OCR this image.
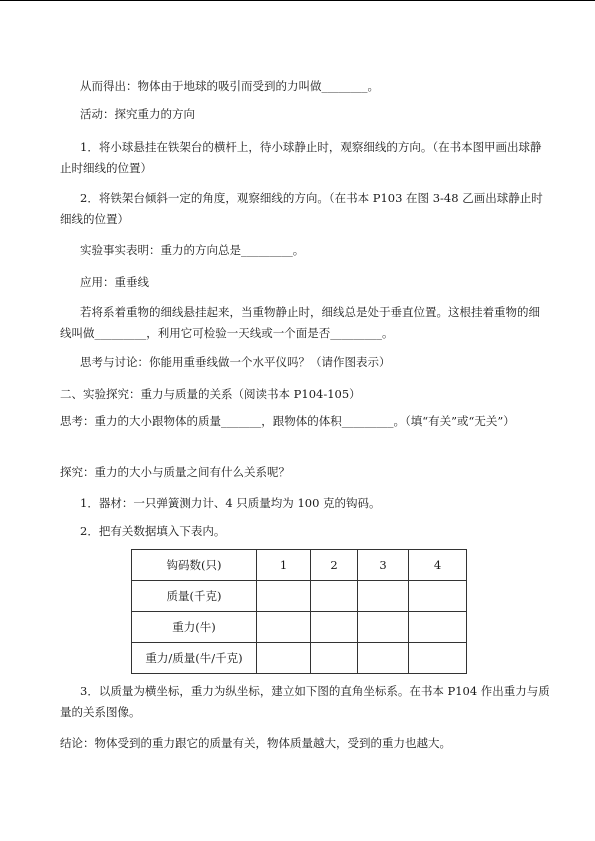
从而得出：物体由于地球的吸引而受到的力叫做________。
活动：探究重力的方向
1．将小球悬挂在铁架台的横杆上，待小球静止时，观察细线的方向。（在书本图甲画出球静止时细线的位置）
2．将铁架台倾斜一定的角度，观察细线的方向。（在书本 P103 在图 3-48 乙画出球静止时细线的位置）
实验事实表明：重力的方向总是_________。
应用：重垂线
若将系着重物的细线悬挂起来，当重物静止时，细线总是处于垂直位置。这根挂着重物的细线叫做_________，利用它可检验一天线或一个面是否_________。
思考与讨论：你能用重垂线做一个水平仪吗？（请作图表示）
二、实验探究：重力与质量的关系（阅读书本 P104-105）
思考：重力的大小跟物体的质量_______，跟物体的体积_________。（填“有关”或“无关”）
探究：重力的大小与质量之间有什么关系呢？
1．器材：一只弹簧测力计、4 只质量均为 100 克的钩码。
2．把有关数据填入下表内。
钩码数(只)	1	2	3	4
质量(千克)				
重力(牛)				
重力/质量(牛/千克)				
3．以质量为横坐标，重力为纵坐标，建立如下图的直角坐标系。在书本 P104 作出重力与质量的关系图像。
结论：物体受到的重力跟它的质量有关，物体质量越大，受到的重力也越大。
